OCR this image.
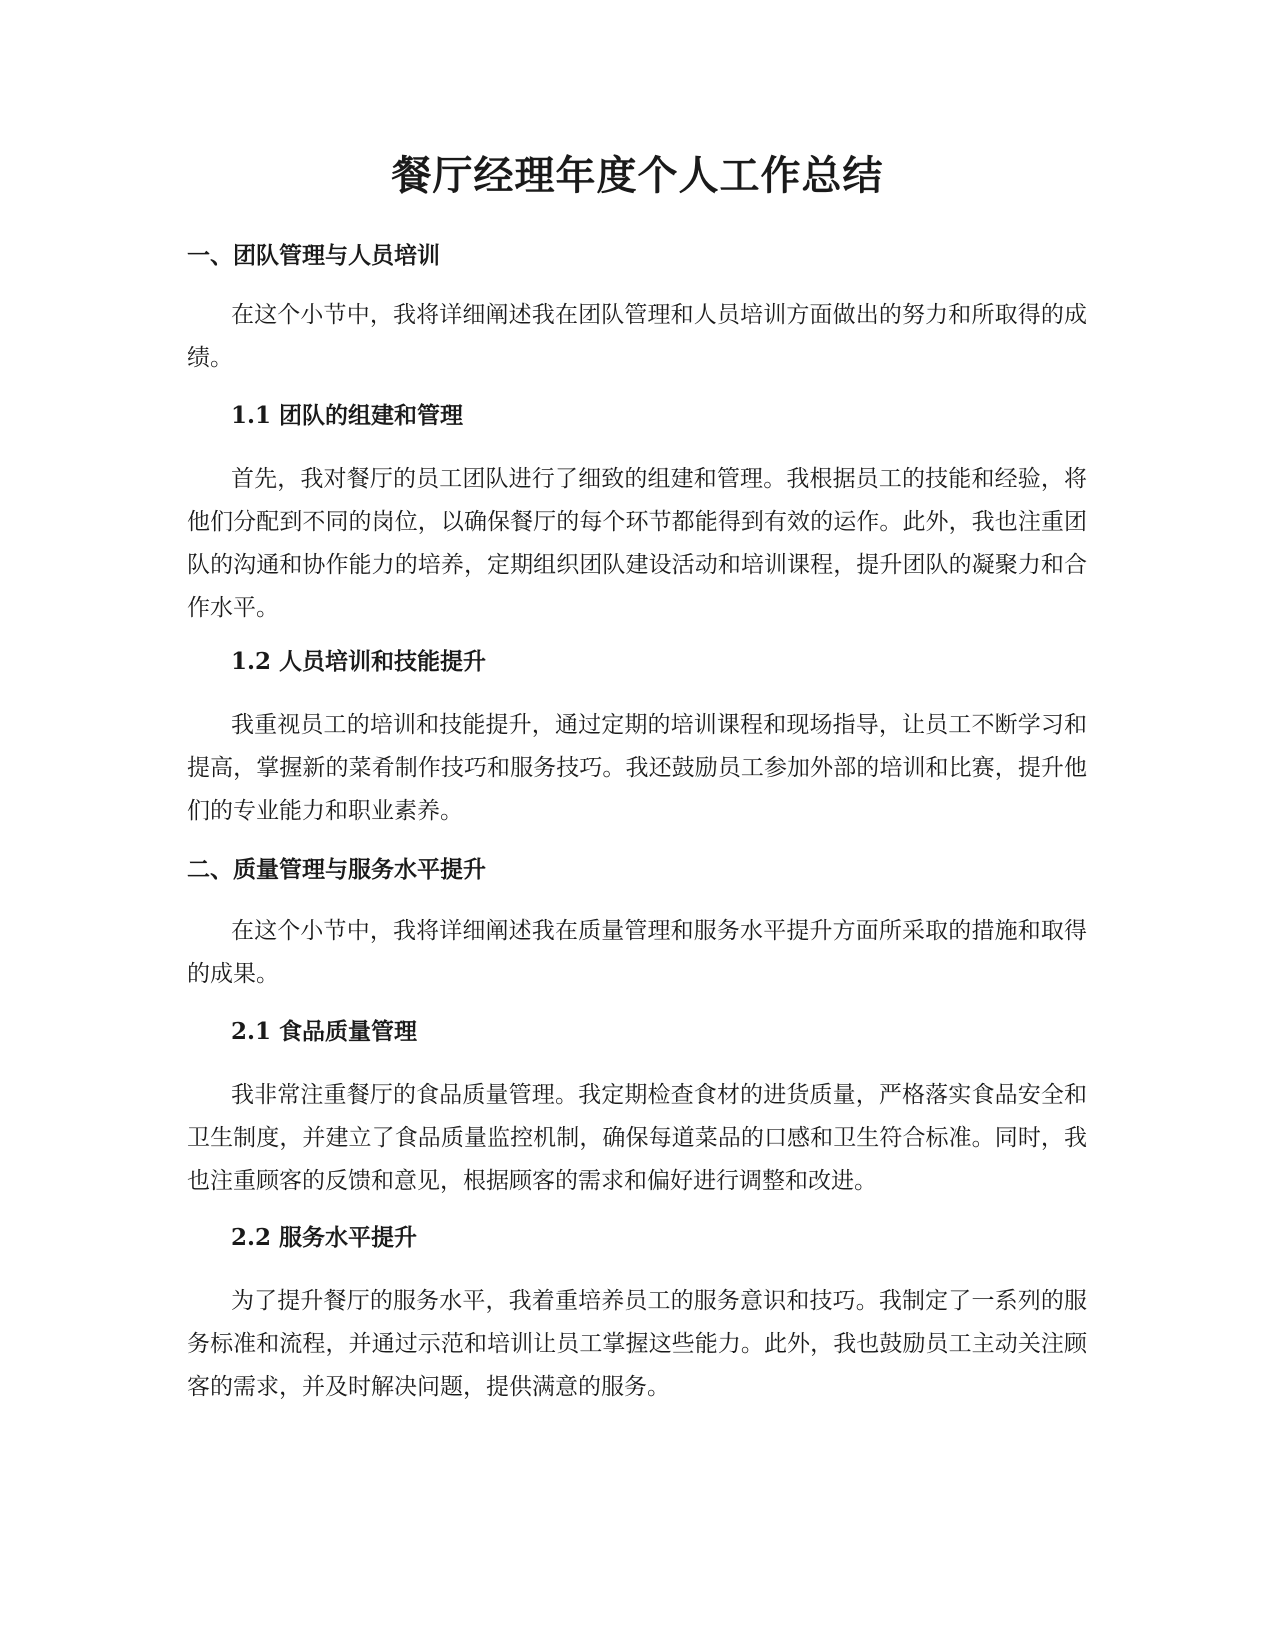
餐厅经理年度个人工作总结
一、团队管理与人员培训

在这个小节中，我将详细阐述我在团队管理和人员培训方面做出的努力和所取得的成绩。

1.1 团队的组建和管理

首先，我对餐厅的员工团队进行了细致的组建和管理。我根据员工的技能和经验，将他们分配到不同的岗位，以确保餐厅的每个环节都能得到有效的运作。此外，我也注重团队的沟通和协作能力的培养，定期组织团队建设活动和培训课程，提升团队的凝聚力和合作水平。

1.2 人员培训和技能提升

我重视员工的培训和技能提升，通过定期的培训课程和现场指导，让员工不断学习和提高，掌握新的菜肴制作技巧和服务技巧。我还鼓励员工参加外部的培训和比赛，提升他们的专业能力和职业素养。

二、质量管理与服务水平提升

在这个小节中，我将详细阐述我在质量管理和服务水平提升方面所采取的措施和取得的成果。

2.1 食品质量管理

我非常注重餐厅的食品质量管理。我定期检查食材的进货质量，严格落实食品安全和卫生制度，并建立了食品质量监控机制，确保每道菜品的口感和卫生符合标准。同时，我也注重顾客的反馈和意见，根据顾客的需求和偏好进行调整和改进。

2.2 服务水平提升

为了提升餐厅的服务水平，我着重培养员工的服务意识和技巧。我制定了一系列的服务标准和流程，并通过示范和培训让员工掌握这些能力。此外，我也鼓励员工主动关注顾客的需求，并及时解决问题，提供满意的服务。
